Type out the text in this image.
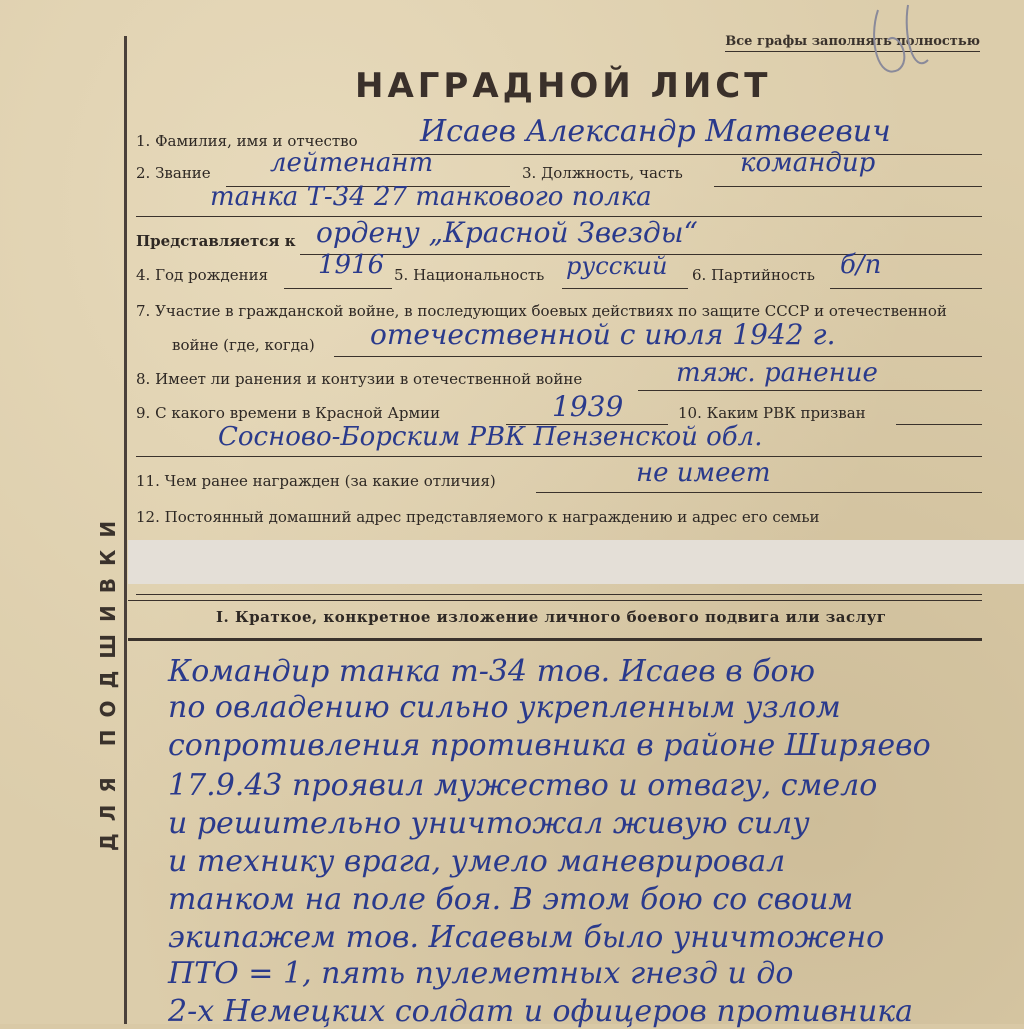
ДЛЯ ПОДШИВКИ
Все графы заполнять полностью
НАГРАДНОЙ ЛИСТ
1. Фамилия, имя и отчество Исаев Александр Матвеевич
2. Звание лейтенант	3. Должность, часть командир
танка Т-34 27 танкового полка
Представляется к ордену „Красной Звезды“
4. Год рождения 1916 5. Национальность русский 6. Партийность б/п
7. Участие в гражданской войне, в последующих боевых действиях по защите СССР и отечественной
войне (где, когда) отечественной с июля 1942 г.
8. Имеет ли ранения и контузии в отечественной войне	тяж. ранение
9. С какого времени в Красной Армии	1939	10. Каким РВК призван
Сосново-Борским РВК Пензенской обл.
11. Чем ранее награжден (за какие отличия)	не имеет
12. Постоянный домашний адрес представляемого к награждению и адрес его семьи
I. Краткое, конкретное изложение личного боевого подвига или заслуг
Командир танка т-34 тов. Исаев в бою
по овладению сильно укрепленным узлом
сопротивления противника в районе Ширяево
17.9.43 проявил мужество и отвагу, смело
и решительно уничтожал живую силу
и технику врага, умело маневрировал
танком на поле боя. В этом бою со своим
экипажем тов. Исаевым было уничтожено
ПТО = 1, пять пулеметных гнезд и до
2-х Немецких солдат и офицеров противника
